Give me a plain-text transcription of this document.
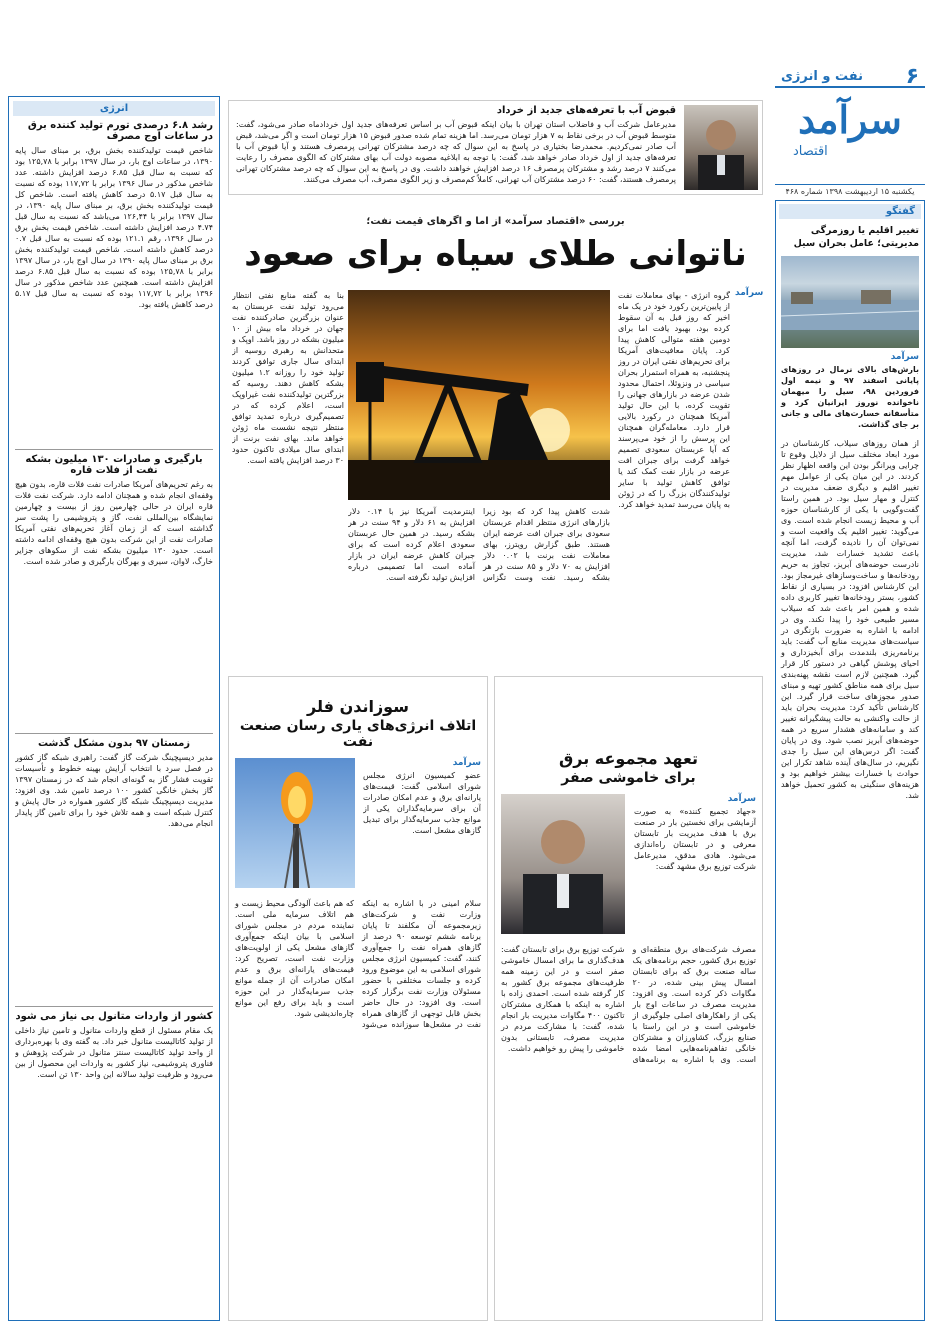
۶
نفت و انرژی
سرآمد
اقتصاد
یکشنبه ۱۵ اردیبهشت ۱۳۹۸ شماره ۴۶۸
قبوض آب با تعرفه‌های جدید از خرداد
مدیرعامل شرکت آب و فاضلاب استان تهران با بیان اینکه قبوض آب بر اساس تعرفه‌های جدید اول خردادماه صادر می‌شود، گفت: متوسط قبوض آب در برخی نقاط به ۷ هزار تومان می‌رسد. اما هزینه تمام شده صدور قبوض ۱۵ هزار تومان است و اگر می‌شد، قبض آب صادر نمی‌کردیم. محمدرضا بختیاری در پاسخ به این سوال که چه درصد مشترکان تهرانی پرمصرف هستند و آیا قبوض آب با تعرفه‌های جدید از اول خرداد صادر خواهد شد، گفت: با توجه به ابلاغیه مصوبه دولت آب بهای مشترکان که الگوی مصرف را رعایت می‌کنند ۷ درصد رشد و مشترکان پرمصرف ۱۶ درصد افزایش خواهند داشت. وی در پاسخ به این سوال که چه درصد مشترکان تهرانی پرمصرف هستند، گفت: ۶۰ درصد مشترکان آب تهرانی، کاملاً کم‌مصرف و زیر الگوی مصرف، آب مصرف می‌کنند.
انرژی
رشد ۶.۸ درصدی تورم تولید کننده برق در ساعات اوج مصرف
شاخص قیمت تولیدکننده بخش برق، بر مبنای سال پایه ۱۳۹۰، در ساعات اوج بار، در سال ۱۳۹۷ برابر با ۱۲۵,۷۸ بود که نسبت به سال قبل ۶.۸۵ درصد افزایش داشته. عدد شاخص مذکور در سال ۱۳۹۶ برابر با ۱۱۷,۷۲ بوده که نسبت به سال قبل ۵.۱۷ درصد کاهش یافته است. شاخص کل قیمت تولیدکننده بخش برق، بر مبنای سال پایه ۱۳۹۰، در سال ۱۳۹۷ برابر با ۱۲۶,۴۴ می‌باشد که نسبت به سال قبل ۴.۷۴ درصد افزایش داشته است. شاخص قیمت بخش برق در سال ۱۳۹۶، رقم ۱۲۱.۱ بوده که نسبت به سال قبل ۰.۷ درصد کاهش داشته است. شاخص قیمت تولیدکننده بخش برق بر مبنای سال پایه ۱۳۹۰ در سال اوج بار، در سال ۱۳۹۷ برابر با ۱۲۵,۷۸ بوده که نسبت به سال قبل ۶.۸۵ درصد افزایش داشته است. همچنین عدد شاخص مذکور در سال ۱۳۹۶ برابر با ۱۱۷,۷۲ بوده که نسبت به سال قبل ۵.۱۷ درصد کاهش یافته بود.
بارگیری و صادرات ۱۳۰ میلیون بشکه نفت از فلات قاره
به رغم تحریم‌های آمریکا صادرات نفت فلات قاره، بدون هیچ وقفه‌ای انجام شده و همچنان ادامه دارد. شرکت نفت فلات قاره ایران در حالی چهارمین روز از بیست و چهارمین نمایشگاه بین‌المللی نفت، گاز و پتروشیمی را پشت سر گذاشته است که از زمان آغاز تحریم‌های نفتی آمریکا صادرات نفت از این شرکت بدون هیچ وقفه‌ای ادامه داشته است. حدود ۱۳۰ میلیون بشکه نفت از سکوهای جزایر خارگ، لاوان، سیری و بهرگان بارگیری و صادر شده است.
زمستان ۹۷ بدون مشکل گذشت
مدیر دیسپچینگ شرکت گاز گفت: راهبری شبکه گاز کشور در فصل سرد با انتخاب آرایش بهینه خطوط و تأسیسات تقویت فشار گاز به گونه‌ای انجام شد که در زمستان ۱۳۹۷ گاز بخش خانگی کشور ۱۰۰ درصد تامین شد. وی افزود: مدیریت دیسپچینگ شبکه گاز کشور همواره در حال پایش و کنترل شبکه است و همه تلاش خود را برای تامین گاز پایدار انجام می‌دهد.
کشور از واردات متانول بی نیاز می شود
یک مقام مسئول از قطع واردات متانول و تامین نیاز داخلی از تولید کاتالیست متانول خبر داد. به گفته وی با بهره‌برداری از واحد تولید کاتالیست سنتز متانول در شرکت پژوهش و فناوری پتروشیمی، نیاز کشور به واردات این محصول از بین می‌رود و ظرفیت تولید سالانه این واحد ۱۳۰ تن است.
بررسی «اقتصاد سرآمد» از اما و اگرهای قیمت نفت؛
ناتوانی طلای سیاه برای صعود
سرآمد
گروه انرژی - بهای معاملات نفت از پایین‌ترین رکورد خود در یک ماه اخیر که روز قبل به آن سقوط کرده بود، بهبود یافت اما برای دومین هفته متوالی کاهش پیدا کرد. پایان معافیت‌های آمریکا برای تحریم‌های نفتی ایران در روز پنجشنبه، به همراه استمرار بحران سیاسی در ونزوئلا، احتمال محدود شدن عرضه در بازارهای جهانی را تقویت کرده، با این حال تولید آمریکا همچنان در رکورد بالایی قرار دارد. معامله‌گران همچنان این پرسش را از خود می‌پرسند که آیا عربستان سعودی تصمیم خواهد گرفت برای جبران افت عرضه در بازار نفت کمک کند یا توافق کاهش تولید با سایر تولیدکنندگان بزرگ را که در ژوئن به پایان می‌رسد تمدید خواهد کرد.
بنا به گفته منابع نفتی انتظار می‌رود تولید نفت عربستان به عنوان بزرگترین صادرکننده نفت جهان در خرداد ماه بیش از ۱۰ میلیون بشکه در روز باشد. اوپک و متحدانش به رهبری روسیه از ابتدای سال جاری توافق کردند تولید خود را روزانه ۱.۲ میلیون بشکه کاهش دهند. روسیه که بزرگترین تولیدکننده نفت غیراوپک است، اعلام کرده که در تصمیم‌گیری درباره تمدید توافق منتظر نتیجه نشست ماه ژوئن خواهد ماند. بهای نفت برنت از ابتدای سال میلادی تاکنون حدود ۳۰ درصد افزایش یافته است.
شدت کاهش پیدا کرد که بود زیرا بازارهای انرژی منتظر اقدام عربستان سعودی برای جبران افت عرضه ایران هستند. طبق گزارش رویترز، بهای معاملات نفت برنت با ۰.۰۲ دلار افزایش به ۷۰ دلار و ۸۵ سنت در هر بشکه رسید. نفت وست تگزاس اینترمدیت آمریکا نیز با ۰.۱۴ دلار افزایش به ۶۱ دلار و ۹۴ سنت در هر بشکه رسید. در همین حال عربستان سعودی اعلام کرده است که برای جبران کاهش عرضه ایران در بازار آماده است اما تصمیمی درباره افزایش تولید نگرفته است.
سوزاندن فلر
اتلاف انرژی‌های یاری رسان صنعت نفت
سرآمد
عضو کمیسیون انرژی مجلس شورای اسلامی گفت: قیمت‌های یارانه‌ای برق و عدم امکان صادرات آن برای سرمایه‌گذاران یکی از موانع جذب سرمایه‌گذار برای تبدیل گازهای مشعل است.
سلام امینی در با اشاره به اینکه وزارت نفت و شرکت‌های زیرمجموعه آن مکلفند تا پایان برنامه ششم توسعه ۹۰ درصد از گازهای همراه نفت را جمع‌آوری کنند، گفت: کمیسیون انرژی مجلس شورای اسلامی به این موضوع ورود کرده و جلسات مختلفی با حضور مسئولان وزارت نفت برگزار کرده است. وی افزود: در حال حاضر بخش قابل توجهی از گازهای همراه نفت در مشعل‌ها سوزانده می‌شود که هم باعث آلودگی محیط زیست و هم اتلاف سرمایه ملی است. نماینده مردم در مجلس شورای اسلامی با بیان اینکه جمع‌آوری گازهای مشعل یکی از اولویت‌های وزارت نفت است، تصریح کرد: قیمت‌های یارانه‌ای برق و عدم امکان صادرات آن از جمله موانع جذب سرمایه‌گذار در این حوزه است و باید برای رفع این موانع چاره‌اندیشی شود.
تعهد مجموعه برق
برای خاموشی صفر
سرآمد
«جهاد تجمیع کننده» به صورت آزمایشی برای نخستین بار در صنعت برق با هدف مدیریت بار تابستان معرفی و در تابستان راه‌اندازی می‌شود. هادی مدقق، مدیرعامل شرکت توزیع برق مشهد گفت:
مصرف شرکت‌های برق منطقه‌ای و توزیع برق کشور، حجم برنامه‌های یک ساله صنعت برق که برای تابستان امسال پیش بینی شده، در ۲۰ مگاوات ذکر کرده است. وی افزود: مدیریت مصرف در ساعات اوج بار یکی از راهکارهای اصلی جلوگیری از خاموشی است و در این راستا با صنایع بزرگ، کشاورزان و مشترکان خانگی تفاهم‌نامه‌هایی امضا شده است. وی با اشاره به برنامه‌های شرکت توزیع برق برای تابستان گفت: هدف‌گذاری ما برای امسال خاموشی صفر است و در این زمینه همه ظرفیت‌های مجموعه برق کشور به کار گرفته شده است. احمدی زاده با اشاره به اینکه با همکاری مشترکان تاکنون ۴۰۰ مگاوات مدیریت بار انجام شده، گفت: با مشارکت مردم در مدیریت مصرف، تابستانی بدون خاموشی را پیش رو خواهیم داشت.
گفتگو
تغییر اقلیم یا روزمرگی مدیریتی؛ عامل بحران سیل
سرآمد
بارش‌های بالای نرمال در روزهای پایانی اسفند ۹۷ و نیمه اول فروردین ۹۸، سیل را میهمان ناخوانده نوروز ایرانیان کرد و متأسفانه خسارت‌های مالی و جانی بر جای گذاشت.
از همان روزهای سیلاب، کارشناسان در مورد ابعاد مختلف سیل از دلایل وقوع تا چرایی ویرانگر بودن این واقعه اظهار نظر کردند. در این میان یکی از عوامل مهم تغییر اقلیم و دیگری ضعف مدیریت در کنترل و مهار سیل بود. در همین راستا گفت‌وگویی با یکی از کارشناسان حوزه آب و محیط زیست انجام شده است. وی می‌گوید: تغییر اقلیم یک واقعیت است و نمی‌توان آن را نادیده گرفت، اما آنچه باعث تشدید خسارات شد، مدیریت نادرست حوضه‌های آبریز، تجاوز به حریم رودخانه‌ها و ساخت‌وسازهای غیرمجاز بود. این کارشناس افزود: در بسیاری از نقاط کشور، بستر رودخانه‌ها تغییر کاربری داده شده و همین امر باعث شد که سیلاب مسیر طبیعی خود را پیدا نکند. وی در ادامه با اشاره به ضرورت بازنگری در سیاست‌های مدیریت منابع آب گفت: باید برنامه‌ریزی بلندمدت برای آبخیزداری و احیای پوشش گیاهی در دستور کار قرار گیرد. همچنین لازم است نقشه پهنه‌بندی سیل برای همه مناطق کشور تهیه و مبنای صدور مجوزهای ساخت قرار گیرد. این کارشناس تأکید کرد: مدیریت بحران باید از حالت واکنشی به حالت پیشگیرانه تغییر کند و سامانه‌های هشدار سریع در همه حوضه‌های آبریز نصب شود. وی در پایان گفت: اگر درس‌های این سیل را جدی نگیریم، در سال‌های آینده شاهد تکرار این حوادث با خسارات بیشتر خواهیم بود و هزینه‌های سنگینی به کشور تحمیل خواهد شد.
